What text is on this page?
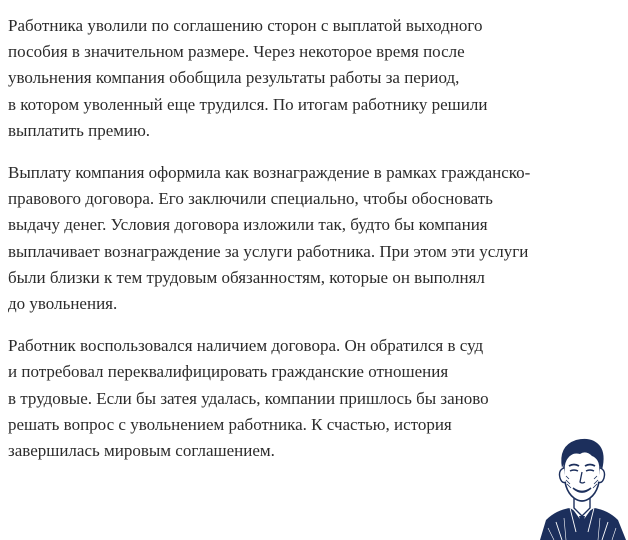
Работника уволили по соглашению сторон с выплатой выходного
пособия в значительном размере. Через некоторое время после
увольнения компания обобщила результаты работы за период,
в котором уволенный еще трудился. По итогам работнику решили
выплатить премию.

Выплату компания оформила как вознаграждение в рамках гражданско-
правового договора. Его заключили специально, чтобы обосновать
выдачу денег. Условия договора изложили так, будто бы компания
выплачивает вознаграждение за услуги работника. При этом эти услуги
были близки к тем трудовым обязанностям, которые он выполнял
до увольнения.

Работник воспользовался наличием договора. Он обратился в суд
и потребовал переквалифицировать гражданские отношения
в трудовые. Если бы затея удалась, компании пришлось бы заново
решать вопрос с увольнением работника. К счастью, история
завершилась мировым соглашением.
